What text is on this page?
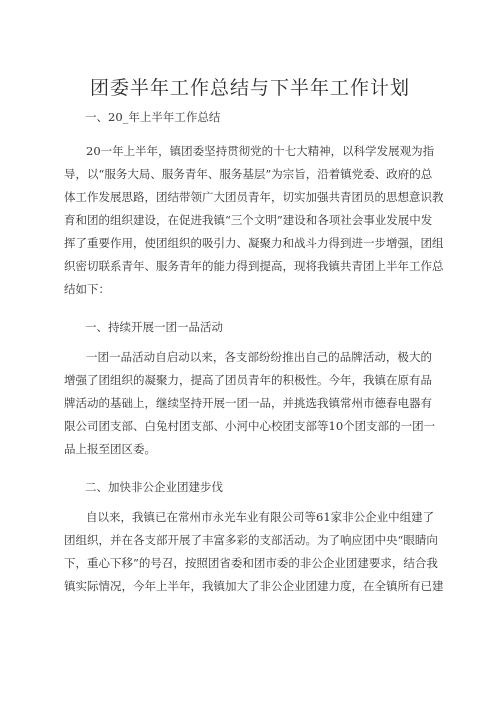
团委半年工作总结与下半年工作计划
一、20_年上半年工作总结
20一年上半年，镇团委坚持贯彻党的十七大精神，以科学发展观为指
导，以“服务大局、服务青年、服务基层”为宗旨，沿着镇党委、政府的总
体工作发展思路，团结带领广大团员青年，切实加强共青团员的思想意识教
育和团的组织建设，在促进我镇“三个文明”建设和各项社会事业发展中发
挥了重要作用，使团组织的吸引力、凝聚力和战斗力得到进一步增强，团组
织密切联系青年、服务青年的能力得到提高，现将我镇共青团上半年工作总
结如下：
一、持续开展一团一品活动
一团一品活动自启动以来，各支部纷纷推出自己的品牌活动，极大的
增强了团组织的凝聚力，提高了团员青年的积极性。今年，我镇在原有品
牌活动的基础上，继续坚持开展一团一品，并挑选我镇常州市德春电器有
限公司团支部、白兔村团支部、小河中心校团支部等10个团支部的一团一
品上报至团区委。
二、加快非公企业团建步伐
自以来，我镇已在常州市永光车业有限公司等61家非公企业中组建了
团组织，并在各支部开展了丰富多彩的支部活动。为了响应团中央“眼睛向
下，重心下移”的号召，按照团省委和团市委的非公企业团建要求，结合我
镇实际情况，今年上半年，我镇加大了非公企业团建力度，在全镇所有已建
